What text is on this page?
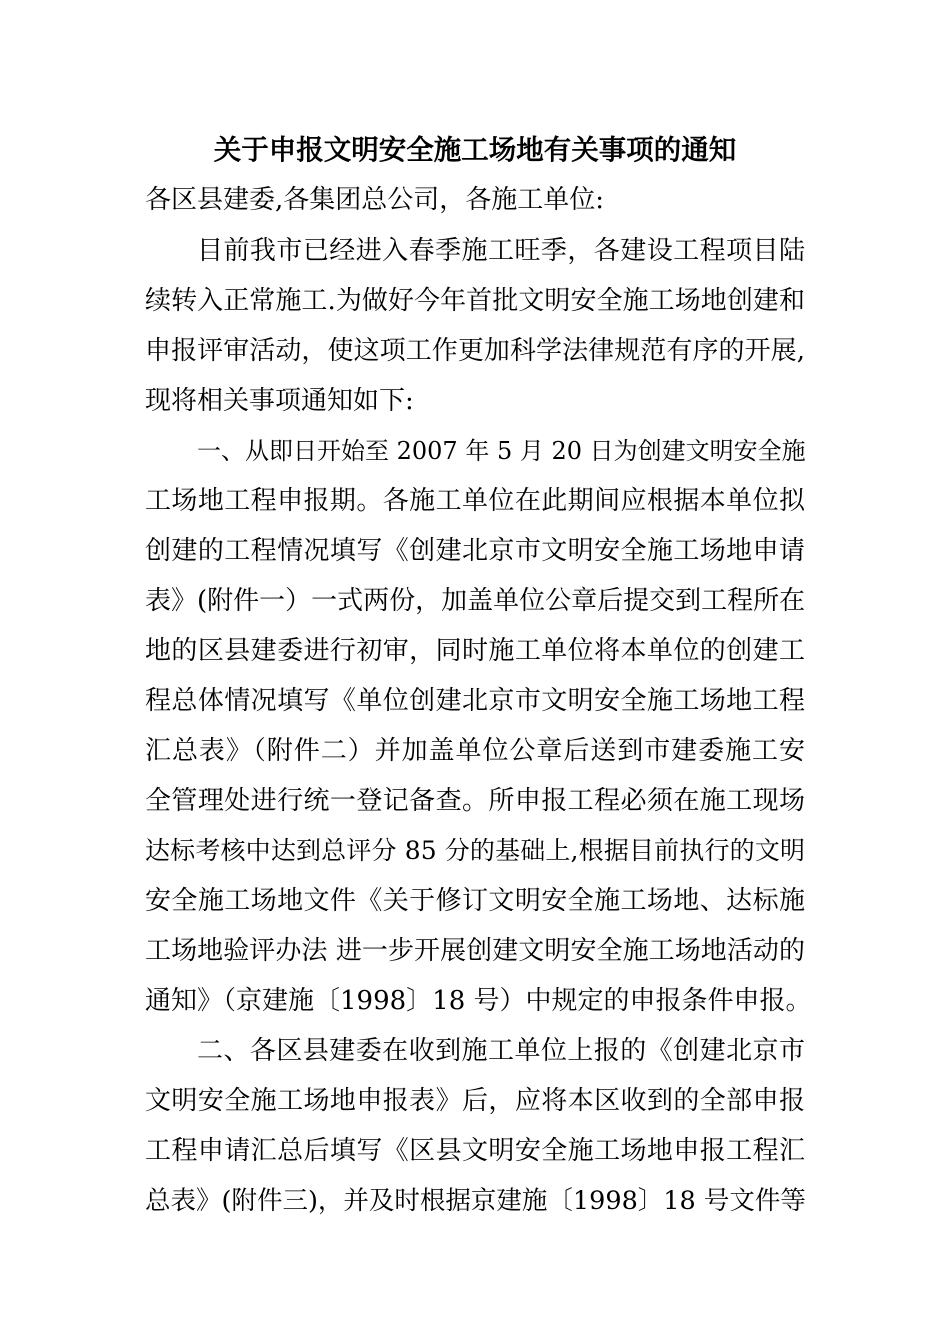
关于申报文明安全施工场地有关事项的通知
各区县建委,各集团总公司，各施工单位:
目前我市已经进入春季施工旺季，各建设工程项目陆
续转入正常施工.为做好今年首批文明安全施工场地创建和
申报评审活动，使这项工作更加科学法律规范有序的开展,
现将相关事项通知如下:
一、从即日开始至 2007 年 5 月 20 日为创建文明安全施
工场地工程申报期。各施工单位在此期间应根据本单位拟
创建的工程情况填写《创建北京市文明安全施工场地申请
表》(附件一）一式两份，加盖单位公章后提交到工程所在
地的区县建委进行初审，同时施工单位将本单位的创建工
程总体情况填写《单位创建北京市文明安全施工场地工程
汇总表》（附件二）并加盖单位公章后送到市建委施工安
全管理处进行统一登记备查。所申报工程必须在施工现场
达标考核中达到总评分 85 分的基础上,根据目前执行的文明
安全施工场地文件《关于修订文明安全施工场地、达标施
工场地验评办法 进一步开展创建文明安全施工场地活动的
通知》（京建施〔1998〕18 号）中规定的申报条件申报。
二、各区县建委在收到施工单位上报的《创建北京市
文明安全施工场地申报表》后，应将本区收到的全部申报
工程申请汇总后填写《区县文明安全施工场地申报工程汇
总表》(附件三)，并及时根据京建施〔1998〕18 号文件等
